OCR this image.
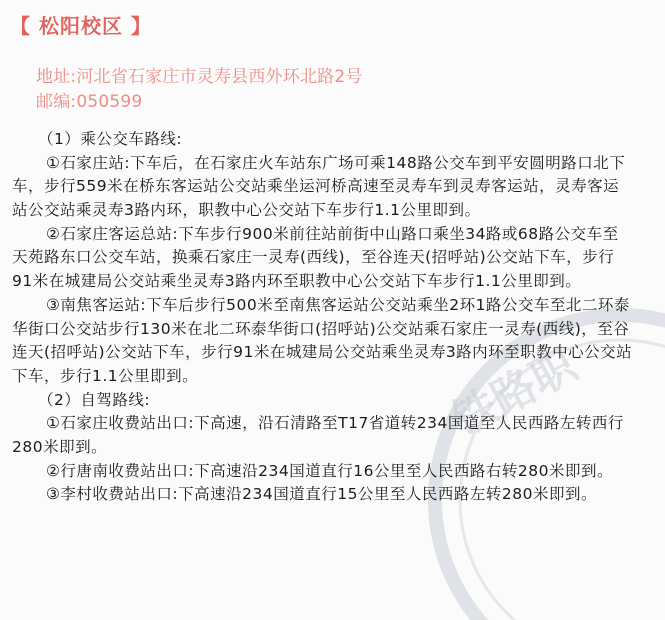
铁路职
【 松阳校区 】
地址:河北省石家庄市灵寿县西外环北路2号
邮编:050599
（1）乘公交车路线:
①石家庄站:下车后，在石家庄火车站东广场可乘148路公交车到平安圆明路口北下
车，步行559米在桥东客运站公交站乘坐运河桥高速至灵寿车到灵寿客运站，灵寿客运
站公交站乘灵寿3路内环，职教中心公交站下车步行1.1公里即到。
②石家庄客运总站:下车步行900米前往站前街中山路口乘坐34路或68路公交车至
天苑路东口公交车站，换乘石家庄一灵寿(西线)，至谷连天(招呼站)公交站下车，步行
91米在城建局公交站乘坐灵寿3路内环至职教中心公交站下车步行1.1公里即到。
③南焦客运站:下车后步行500米至南焦客运站公交站乘坐2环1路公交车至北二环泰
华街口公交站步行130米在北二环泰华街口(招呼站)公交站乘石家庄一灵寿(西线)，至谷
连天(招呼站)公交站下车，步行91米在城建局公交站乘坐灵寿3路内环至职教中心公交站
下车，步行1.1公里即到。
（2）自驾路线:
①石家庄收费站出口:下高速，沿石清路至T17省道转234国道至人民西路左转西行
280米即到。
②行唐南收费站出口:下高速沿234国道直行16公里至人民西路右转280米即到。
③李村收费站出口:下高速沿234国道直行15公里至人民西路左转280米即到。
